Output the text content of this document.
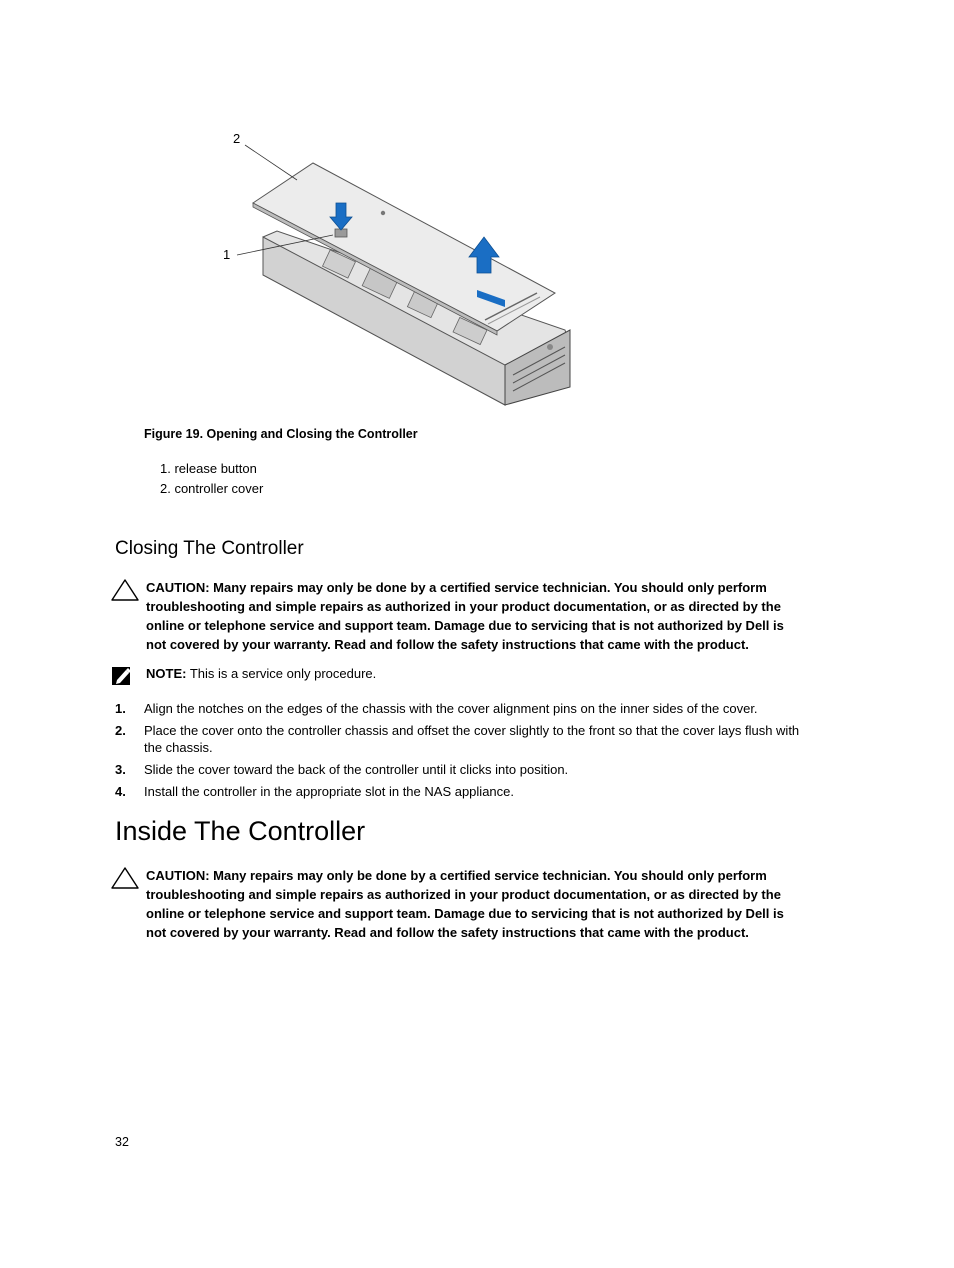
2
1
Figure 19. Opening and Closing the Controller
1. release button
2. controller cover
Closing The Controller
CAUTION: Many repairs may only be done by a certified service technician. You should only perform troubleshooting and simple repairs as authorized in your product documentation, or as directed by the online or telephone service and support team. Damage due to servicing that is not authorized by Dell is not covered by your warranty. Read and follow the safety instructions that came with the product.
NOTE: This is a service only procedure.
1. Align the notches on the edges of the chassis with the cover alignment pins on the inner sides of the cover.
2. Place the cover onto the controller chassis and offset the cover slightly to the front so that the cover lays flush with the chassis.
3. Slide the cover toward the back of the controller until it clicks into position.
4. Install the controller in the appropriate slot in the NAS appliance.
Inside The Controller
CAUTION: Many repairs may only be done by a certified service technician. You should only perform troubleshooting and simple repairs as authorized in your product documentation, or as directed by the online or telephone service and support team. Damage due to servicing that is not authorized by Dell is not covered by your warranty. Read and follow the safety instructions that came with the product.
32
